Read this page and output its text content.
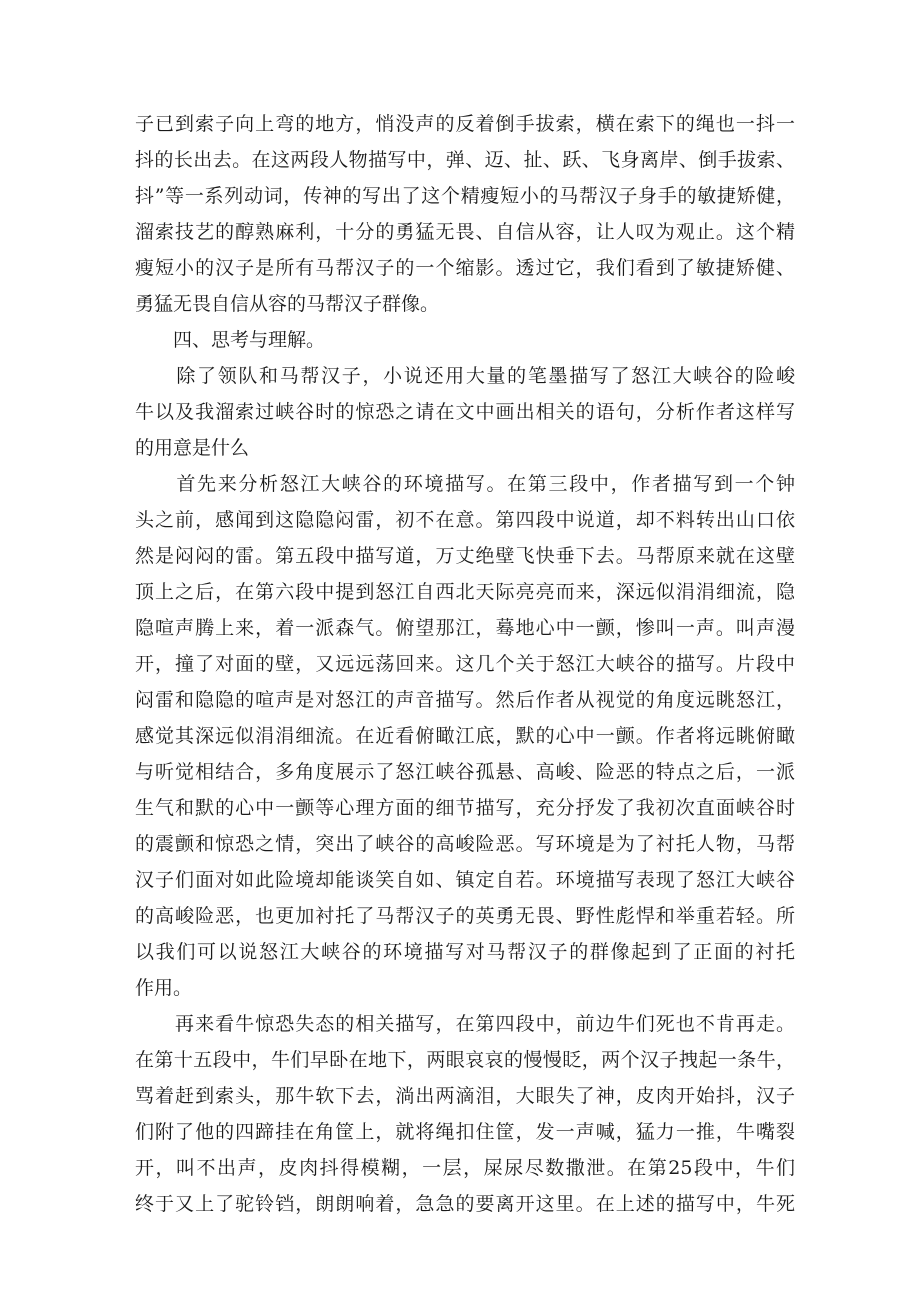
子已到索子向上弯的地方，悄没声的反着倒手拔索，横在索下的绳也一抖一
抖的长出去。在这两段人物描写中，弹、迈、扯、跃、飞身离岸、倒手拔索、
抖”等一系列动词，传神的写出了这个精瘦短小的马帮汉子身手的敏捷矫健，
溜索技艺的醇熟麻利，十分的勇猛无畏、自信从容，让人叹为观止。这个精
瘦短小的汉子是所有马帮汉子的一个缩影。透过它，我们看到了敏捷矫健、
勇猛无畏自信从容的马帮汉子群像。
　　四、思考与理解。
　　除了领队和马帮汉子，小说还用大量的笔墨描写了怒江大峡谷的险峻
牛以及我溜索过峡谷时的惊恐之请在文中画出相关的语句，分析作者这样写
的用意是什么
　　首先来分析怒江大峡谷的环境描写。在第三段中，作者描写到一个钟
头之前，感闻到这隐隐闷雷，初不在意。第四段中说道，却不料转出山口依
然是闷闷的雷。第五段中描写道，万丈绝壁飞快垂下去。马帮原来就在这壁
顶上之后，在第六段中提到怒江自西北天际亮亮而来，深远似涓涓细流，隐
隐喧声腾上来，着一派森气。俯望那江，蓦地心中一颤，惨叫一声。叫声漫
开，撞了对面的壁，又远远荡回来。这几个关于怒江大峡谷的描写。片段中
闷雷和隐隐的喧声是对怒江的声音描写。然后作者从视觉的角度远眺怒江，
感觉其深远似涓涓细流。在近看俯瞰江底，默的心中一颤。作者将远眺俯瞰
与听觉相结合，多角度展示了怒江峡谷孤悬、高峻、险恶的特点之后，一派
生气和默的心中一颤等心理方面的细节描写，充分抒发了我初次直面峡谷时
的震颤和惊恐之情，突出了峡谷的高峻险恶。写环境是为了衬托人物，马帮
汉子们面对如此险境却能谈笑自如、镇定自若。环境描写表现了怒江大峡谷
的高峻险恶，也更加衬托了马帮汉子的英勇无畏、野性彪悍和举重若轻。所
以我们可以说怒江大峡谷的环境描写对马帮汉子的群像起到了正面的衬托
作用。
　　再来看牛惊恐失态的相关描写，在第四段中，前边牛们死也不肯再走。
在第十五段中，牛们早卧在地下，两眼哀哀的慢慢眨，两个汉子拽起一条牛，
骂着赶到索头，那牛软下去，淌出两滴泪，大眼失了神，皮肉开始抖，汉子
们附了他的四蹄挂在角筐上，就将绳扣住筐，发一声喊，猛力一推，牛嘴裂
开，叫不出声，皮肉抖得模糊，一层，屎尿尽数撒泄。在第25段中，牛们
终于又上了驼铃铛，朗朗响着，急急的要离开这里。在上述的描写中，牛死
